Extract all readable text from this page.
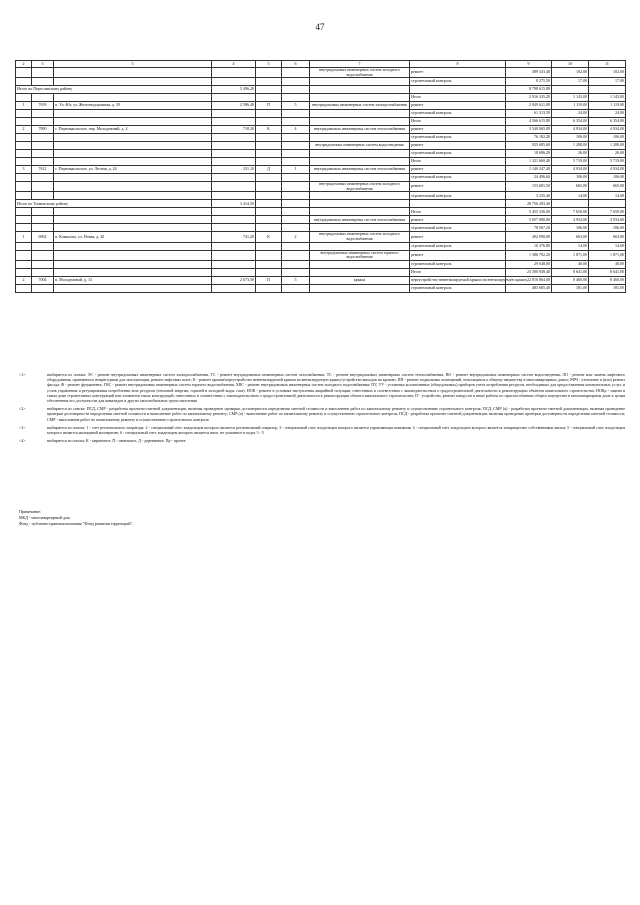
47
2	3	5	4	5	6	7	8	9	10	11
						внутридомовых инженерных систем холодного водоснабжения	ремонт	389 333,40	102,00	102,00
							строительный контроль	8 275,50	17,00	17,00
Итого по Переславскому району			5 496,20					8 798 615,80		
							Итого	2 916 335,20	1 143,00	1 143,00
1	7659	п. Ул.-Юг, ул. Железнодорожная, д. 29	2 586,40	П	5	внутридомовых инженерных систем электроснабжения	ремонт	2 849 621,00	1 119,00	1 119,00
							строительный контроль	61 313,50	24,00	24,00
							Итого	4 566 615,80	6 354,00	6 354,00
2	7890	с. Перемышльское, пер. Молодежный, д. 4	718,30	К	4	внутридомовых инженерных систем теплоснабжения	ремонт	3 540 065,00	4 934,00	4 934,00
							строительный контроль	76 182,20	106,00	106,00
						внутридомовых инженерных систем водоотведения	ремонт	925 685,60	1 288,00	1 288,00
							строительный контроль	18 686,20	26,00	26,00
							Итого	1 321 660,40	5 719,00	5 719,00
3	7612	с. Перемышльское, ул. Лесная, д. 24	231,10	Д	1	внутридомовых инженерных систем теплоснабжения	ремонт	1 140 247,40	4 934,00	4 934,00
							строительный контроль	24 496,60	106,00	106,00
						внутридомовых инженерных систем холодного водоснабжения	ремонт	153 681,50	665,00	665,00
							строительный контроль	3 235,40	14,00	14,00
Итого по Тонковскому району			3 414,50					28 756 203,40		
							Итого	5 455 336,00	7 650,00	7 650,00
						внутридомовых инженерных систем теплоснабжения	ремонт	5 657 080,00	4 934,00	4 934,00
							строительный контроль	78 567,20	106,00	106,00
1	6962	п. Ковылово, ул. Новая, д. 20	741,20	К	2	внутридомовых инженерных систем холодного водоснабжения	ремонт	492 090,00	663,00	663,00
							строительный контроль	10 376,80	14,00	14,00
						внутридомовых инженерных систем горячего водоснабжения	ремонт	1 386 782,20	1 871,00	1 871,00
							строительный контроль	29 648,00	40,00	40,00
							Итого	23 300 949,40	8 641,00	8 641,00
2	7004	п. Молодежный, д. 13	2 673,30	П	5	крыша	переустройство невентилируемой крыши на вентилируемую крышу	22 816 864,00	8 460,00	8 460,00
							строительный контроль	483 685,40	181,00	181,00
<1>	выбирается из списка: ЭС - ремонт внутридомовых инженерных систем электроснабжения; ГС - ремонт внутридомовых инженерных систем газоснабжения; ТС - ремонт внутридомовых инженерных систем теплоснабжения; ВО - ремонт внутридомовых инженерных систем водоотведения; ЛО - ремонт или замена лифтового оборудования, признанного непригодным для эксплуатации, ремонт лифтовых шахт; К - ремонт крыши/переустройство невентилируемой крыши на вентилируемую крышу/устройство выходов на кровлю; ПП - ремонт подвальных помещений, относящихся к общему имуществу в многоквартирных домах; РФЧ - утепление и (или) ремонт фасада; Ф - ремонт фундамента; ГВС - ремонт внутридомовых инженерных систем горячего водоснабжения; ХВС - ремонт внутридомовых инженерных систем холодного водоснабжения; ПУ, УУ - установка коллективных (общедомовых) приборов учета потребления ресурсов, необходимых для предоставления коммунальных услуг, и узлов управления и регулирования потребления этих ресурсов (тепловой энергии, горячей и холодной воды, газа); НОК - ремонт в условиях наступления аварийной ситуации, отнесенных в соответствии с законодательством о градостроительной деятельности к реконструкции объектов капитального строительства; НОКр - замена в таком доме строительных конструкций или элементов таких конструкций, отнесенных в соответствии с законодательством о градостроительной деятельности к реконструкции объекта капитального строительства; П - устройство, ремонт пандусов и иные работы по приспособлению общего имущества в многоквартирном доме к целям обеспечения его доступности для инвалидов и других маломобильных групп населения
<2>	выбирается из списка: ПСД, СМР - разработка проектно-сметной документации, включая проведение проверки достоверности определения сметной стоимости и выполнение работ по капитальному ремонту и осуществлению строительного контроля; ПСД, СМР (а) - разработка проектно-сметной документации, включая проведение проверки достоверности определения сметной стоимости и выполнение работ по капитальному ремонту; СМР (а) - выполнение работ по капитальному ремонту и осуществлению строительного контроля; ПСД - разработка проектно-сметной документации, включая проведение проверки достоверности определения сметной стоимости; СМР - выполнение работ по капитальному ремонту и осуществлению строительного контроля
<3>	выбирается из списка: 1 - счет регионального оператора; 2 - специальный счет, владельцем которого является региональный оператор; 3 - специальный счет, владельцем которого является управляющая компания; 4 - специальный счет, владельцем которого является товарищество собственников жилья; 5 - специальный счет, владельцем которого является жилищный кооператив; 6 - специальный счет, владельцем которого является иное, не указанное в кодах 3 - 5
<4>	выбирается из списка: К - кирпичное, П - панельное, Д - деревянное, Пр - прочее.
Примечание:
МКД - многоквартирный дом;
Фонд - публично-правовая компания "Фонд развития территорий".
